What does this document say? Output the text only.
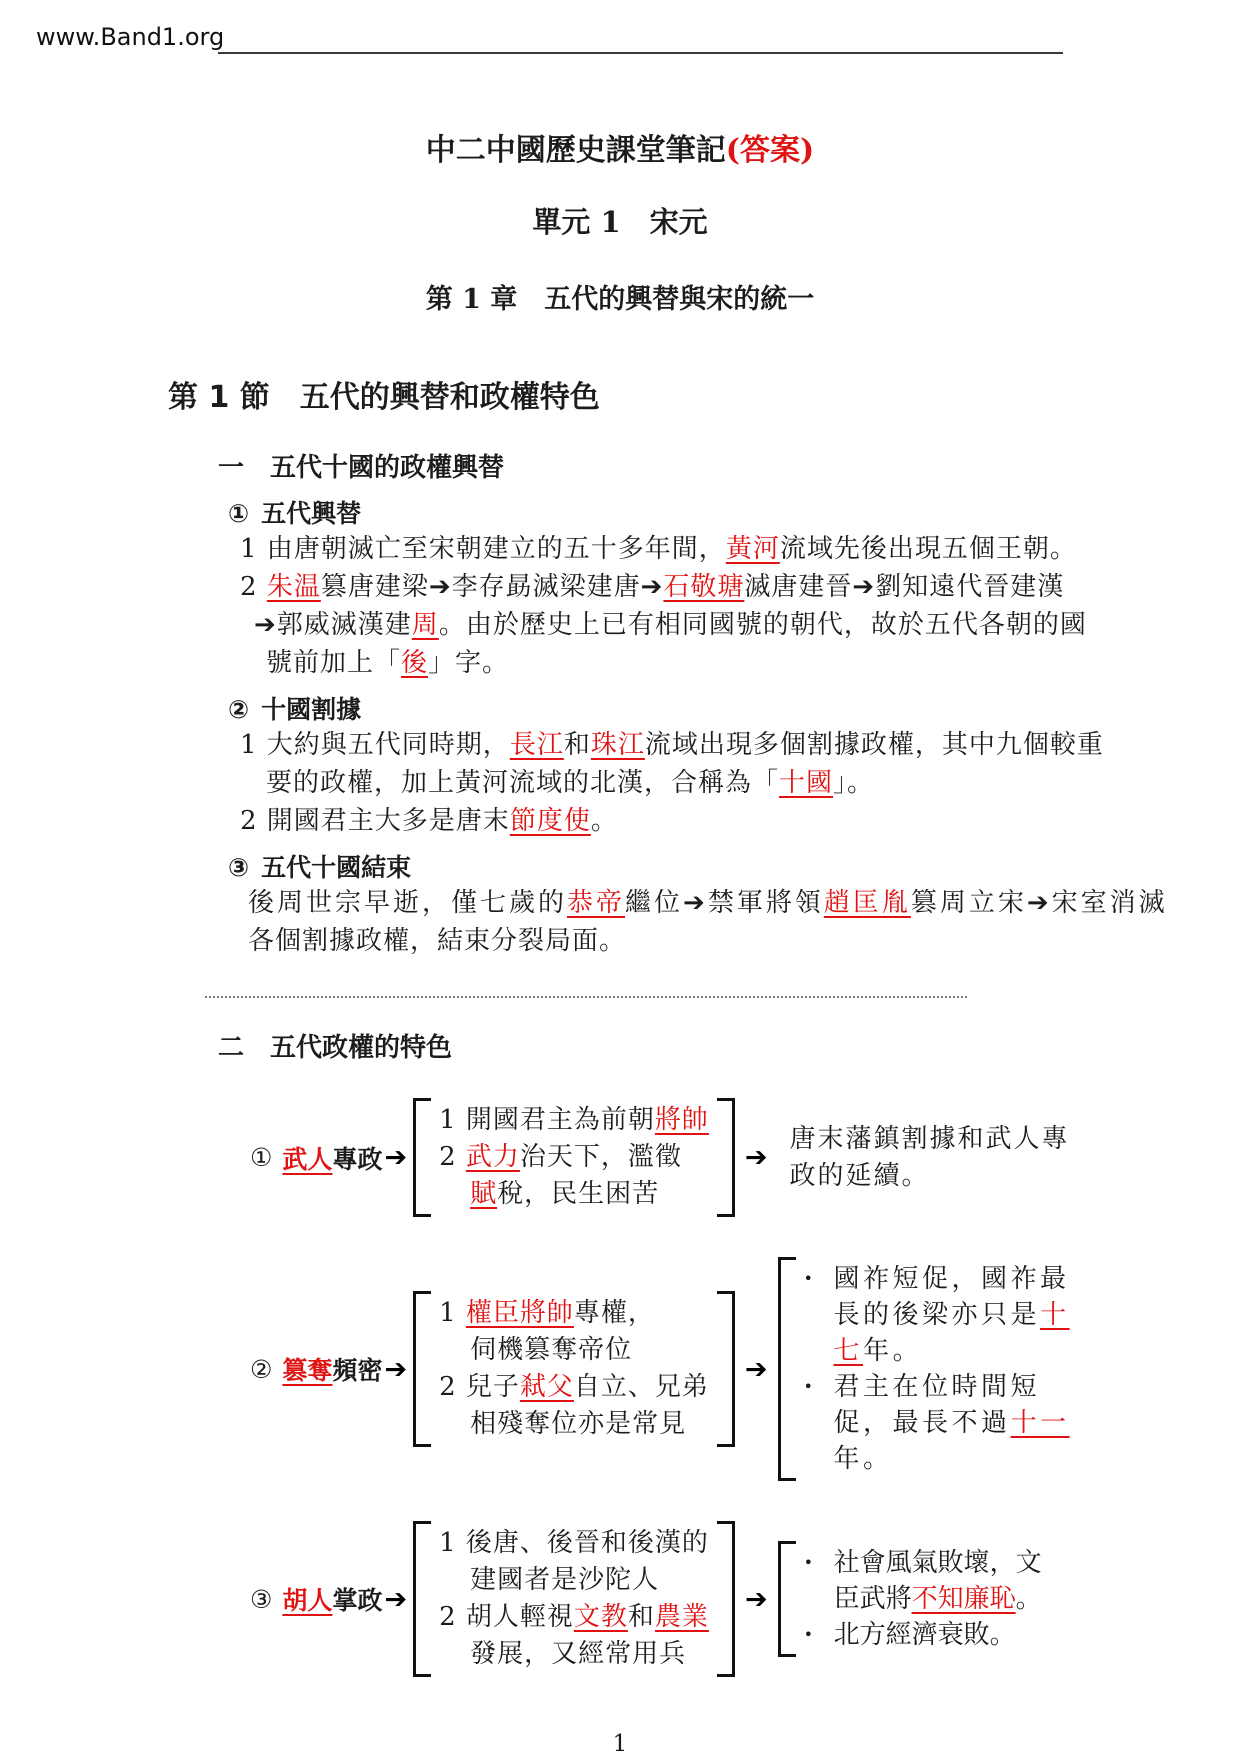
www.Band1.org
中二中國歷史課堂筆記(答案)
單元 1　宋元
第 1 章　五代的興替與宋的統一
第 1 節　五代的興替和政權特色
一　五代十國的政權興替
① 五代興替
1 由唐朝滅亡至宋朝建立的五十多年間，黃河流域先後出現五個王朝。
2 朱温篡唐建梁➔李存勗滅梁建唐➔石敬瑭滅唐建晉➔劉知遠代晉建漢
➔郭威滅漢建周。由於歷史上已有相同國號的朝代，故於五代各朝的國
號前加上「後」字。
② 十國割據
1 大約與五代同時期，長江和珠江流域出現多個割據政權，其中九個較重
要的政權，加上黃河流域的北漢，合稱為「十國」。
2 開國君主大多是唐末節度使。
③ 五代十國結束
後周世宗早逝，僅七歲的恭帝繼位➔禁軍將領趙匡胤篡周立宋➔宋室消滅
各個割據政權，結束分裂局面。
二　五代政權的特色
① 武人專政 ➔
1 開國君主為前朝將帥
2 武力治天下，濫徵
賦稅，民生困苦
➔
唐末藩鎮割據和武人專
政的延續。
② 篡奪頻密 ➔
1 權臣將帥專權，
伺機篡奪帝位
2 兒子弒父自立、兄弟
相殘奪位亦是常見
➔
• 國祚短促，國祚最
長的後梁亦只是十
七年。
• 君主在位時間短
促，最長不過十一
年。
③ 胡人掌政 ➔
1 後唐、後晉和後漢的
建國者是沙陀人
2 胡人輕視文教和農業
發展，又經常用兵
➔
• 社會風氣敗壞，文
臣武將不知廉恥。
• 北方經濟衰敗。
1
